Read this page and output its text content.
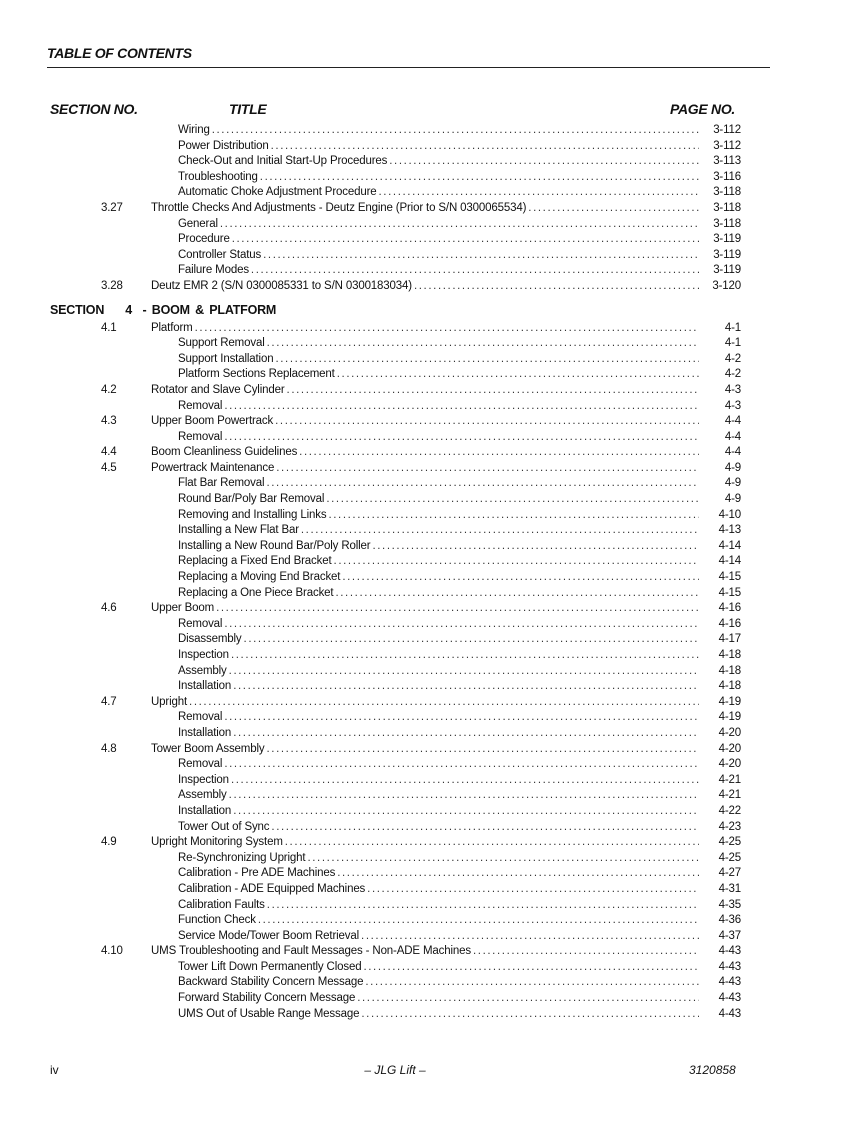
TABLE OF CONTENTS
SECTION NO.	TITLE	PAGE NO.
Wiring .....	3-112
Power Distribution .....	3-112
Check-Out and Initial Start-Up Procedures .....	3-113
Troubleshooting .....	3-116
Automatic Choke Adjustment Procedure .....	3-118
3.27 Throttle Checks And Adjustments - Deutz Engine (Prior to S/N 0300065534) .....	3-118
General .....	3-118
Procedure .....	3-119
Controller Status .....	3-119
Failure Modes .....	3-119
3.28 Deutz EMR 2 (S/N 0300085331 to S/N 0300183034) .....	3-120
SECTION    4  - BOOM & PLATFORM
4.1	Platform .....	4-1
Support Removal .....	4-1
Support Installation .....	4-2
Platform Sections Replacement .....	4-2
4.2	Rotator and Slave Cylinder .....	4-3
Removal .....	4-3
4.3	Upper Boom Powertrack .....	4-4
Removal .....	4-4
4.4	Boom Cleanliness Guidelines .....	4-4
4.5	Powertrack Maintenance .....	4-9
Flat Bar Removal .....	4-9
Round Bar/Poly Bar Removal .....	4-9
Removing and Installing Links .....	4-10
Installing a New Flat Bar .....	4-13
Installing a New Round Bar/Poly Roller .....	4-14
Replacing a Fixed End Bracket .....	4-14
Replacing a Moving End Bracket .....	4-15
Replacing a One Piece Bracket .....	4-15
4.6	Upper Boom .....	4-16
Removal .....	4-16
Disassembly .....	4-17
Inspection .....	4-18
Assembly .....	4-18
Installation .....	4-18
4.7	Upright .....	4-19
Removal .....	4-19
Installation .....	4-20
4.8	Tower Boom Assembly .....	4-20
Removal .....	4-20
Inspection .....	4-21
Assembly .....	4-21
Installation .....	4-22
Tower Out of Sync .....	4-23
4.9	Upright Monitoring System .....	4-25
Re-Synchronizing Upright .....	4-25
Calibration - Pre ADE Machines .....	4-27
Calibration - ADE Equipped Machines .....	4-31
Calibration Faults .....	4-35
Function Check .....	4-36
Service Mode/Tower Boom Retrieval .....	4-37
4.10 UMS Troubleshooting and Fault Messages - Non-ADE Machines .....	4-43
Tower Lift Down Permanently Closed .....	4-43
Backward Stability Concern Message .....	4-43
Forward Stability Concern Message .....	4-43
UMS Out of Usable Range Message .....	4-43
iv	– JLG Lift –	3120858
